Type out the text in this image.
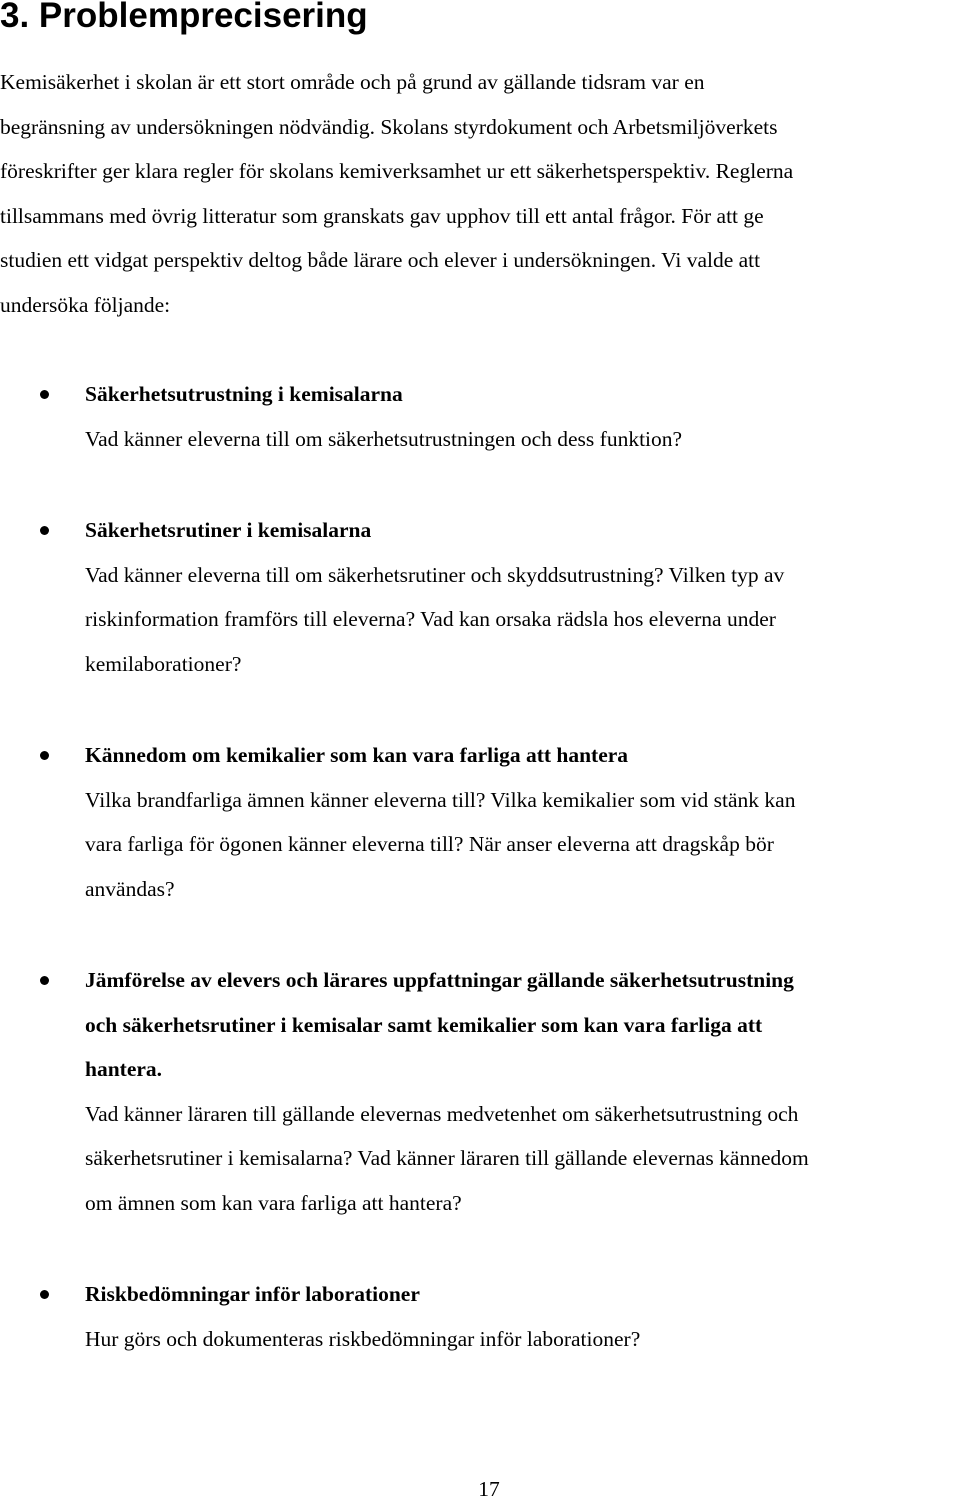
3. Problemprecisering
Kemisäkerhet i skolan är ett stort område och på grund av gällande tidsram var en
begränsning av undersökningen nödvändig. Skolans styrdokument och Arbetsmiljöverkets
föreskrifter ger klara regler för skolans kemiverksamhet ur ett säkerhetsperspektiv. Reglerna
tillsammans med övrig litteratur som granskats gav upphov till ett antal frågor. För att ge
studien ett vidgat perspektiv deltog både lärare och elever i undersökningen. Vi valde att
undersöka följande:
Säkerhetsutrustning i kemisalarna
Vad känner eleverna till om säkerhetsutrustningen och dess funktion?
Säkerhetsrutiner i kemisalarna
Vad känner eleverna till om säkerhetsrutiner och skyddsutrustning? Vilken typ av
riskinformation framförs till eleverna? Vad kan orsaka rädsla hos eleverna under
kemilaborationer?
Kännedom om kemikalier som kan vara farliga att hantera
Vilka brandfarliga ämnen känner eleverna till? Vilka kemikalier som vid stänk kan
vara farliga för ögonen känner eleverna till? När anser eleverna att dragskåp bör
användas?
Jämförelse av elevers och lärares uppfattningar gällande säkerhetsutrustning
och säkerhetsrutiner i kemisalar samt kemikalier som kan vara farliga att
hantera.
Vad känner läraren till gällande elevernas medvetenhet om säkerhetsutrustning och
säkerhetsrutiner i kemisalarna? Vad känner läraren till gällande elevernas kännedom
om ämnen som kan vara farliga att hantera?
Riskbedömningar inför laborationer
Hur görs och dokumenteras riskbedömningar inför laborationer?
17
